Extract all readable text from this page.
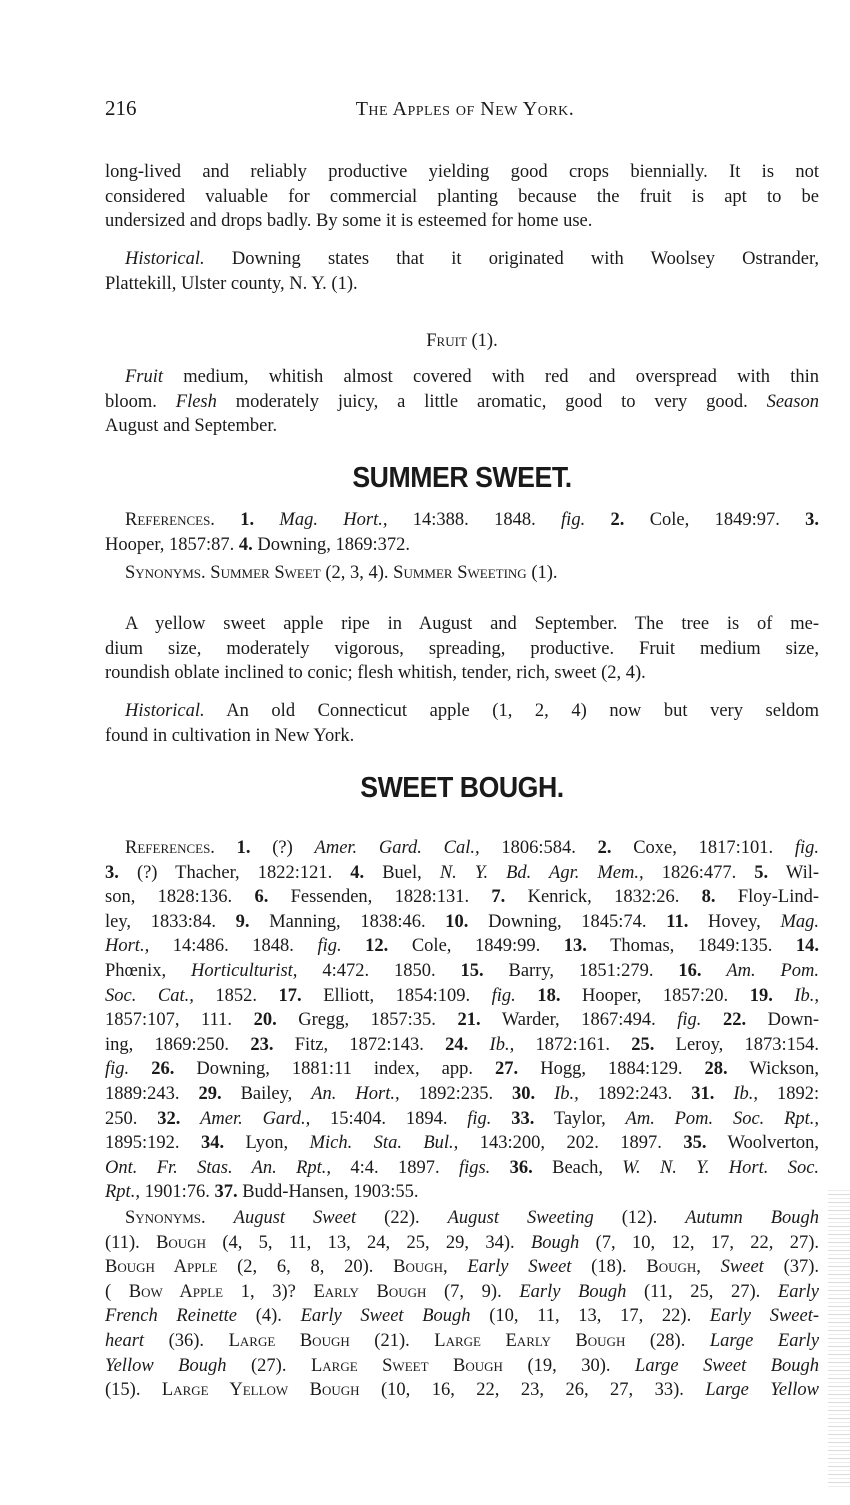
216	The Apples of New York.
long-lived and reliably productive yielding good crops biennially. It is not
considered valuable for commercial planting because the fruit is apt to be
undersized and drops badly. By some it is esteemed for home use.
Historical. Downing states that it originated with Woolsey Ostrander,
Plattekill, Ulster county, N. Y. (1).
Fruit (1).
Fruit medium, whitish almost covered with red and overspread with thin
bloom. Flesh moderately juicy, a little aromatic, good to very good. Season
August and September.
SUMMER SWEET.
References. 1. Mag. Hort., 14:388. 1848. fig. 2. Cole, 1849:97. 3.
Hooper, 1857:87. 4. Downing, 1869:372.
Synonyms. Summer Sweet (2, 3, 4). Summer Sweeting (1).
A yellow sweet apple ripe in August and September. The tree is of me-
dium size, moderately vigorous, spreading, productive. Fruit medium size,
roundish oblate inclined to conic; flesh whitish, tender, rich, sweet (2, 4).
Historical. An old Connecticut apple (1, 2, 4) now but very seldom
found in cultivation in New York.
SWEET BOUGH.
References. 1. (?) Amer. Gard. Cal., 1806:584. 2. Coxe, 1817:101. fig.
3. (?) Thacher, 1822:121. 4. Buel, N. Y. Bd. Agr. Mem., 1826:477. 5. Wil-
son, 1828:136. 6. Fessenden, 1828:131. 7. Kenrick, 1832:26. 8. Floy-Lind-
ley, 1833:84. 9. Manning, 1838:46. 10. Downing, 1845:74. 11. Hovey, Mag.
Hort., 14:486. 1848. fig. 12. Cole, 1849:99. 13. Thomas, 1849:135. 14.
Phœnix, Horticulturist, 4:472. 1850. 15. Barry, 1851:279. 16. Am. Pom.
Soc. Cat., 1852. 17. Elliott, 1854:109. fig. 18. Hooper, 1857:20. 19. Ib.,
1857:107, 111. 20. Gregg, 1857:35. 21. Warder, 1867:494. fig. 22. Down-
ing, 1869:250. 23. Fitz, 1872:143. 24. Ib., 1872:161. 25. Leroy, 1873:154.
fig. 26. Downing, 1881:11 index, app. 27. Hogg, 1884:129. 28. Wickson,
1889:243. 29. Bailey, An. Hort., 1892:235. 30. Ib., 1892:243. 31. Ib., 1892:
250. 32. Amer. Gard., 15:404. 1894. fig. 33. Taylor, Am. Pom. Soc. Rpt.,
1895:192. 34. Lyon, Mich. Sta. Bul., 143:200, 202. 1897. 35. Woolverton,
Ont. Fr. Stas. An. Rpt., 4:4. 1897. figs. 36. Beach, W. N. Y. Hort. Soc.
Rpt., 1901:76. 37. Budd-Hansen, 1903:55.
Synonyms. August Sweet (22). August Sweeting (12). Autumn Bough
(11). Bough (4, 5, 11, 13, 24, 25, 29, 34). Bough (7, 10, 12, 17, 22, 27).
Bough Apple (2, 6, 8, 20). Bough, Early Sweet (18). Bough, Sweet (37).
( Bow Apple 1, 3)? Early Bough (7, 9). Early Bough (11, 25, 27). Early
French Reinette (4). Early Sweet Bough (10, 11, 13, 17, 22). Early Sweet-
heart (36). Large Bough (21). Large Early Bough (28). Large Early
Yellow Bough (27). Large Sweet Bough (19, 30). Large Sweet Bough
(15). Large Yellow Bough (10, 16, 22, 23, 26, 27, 33). Large Yellow
